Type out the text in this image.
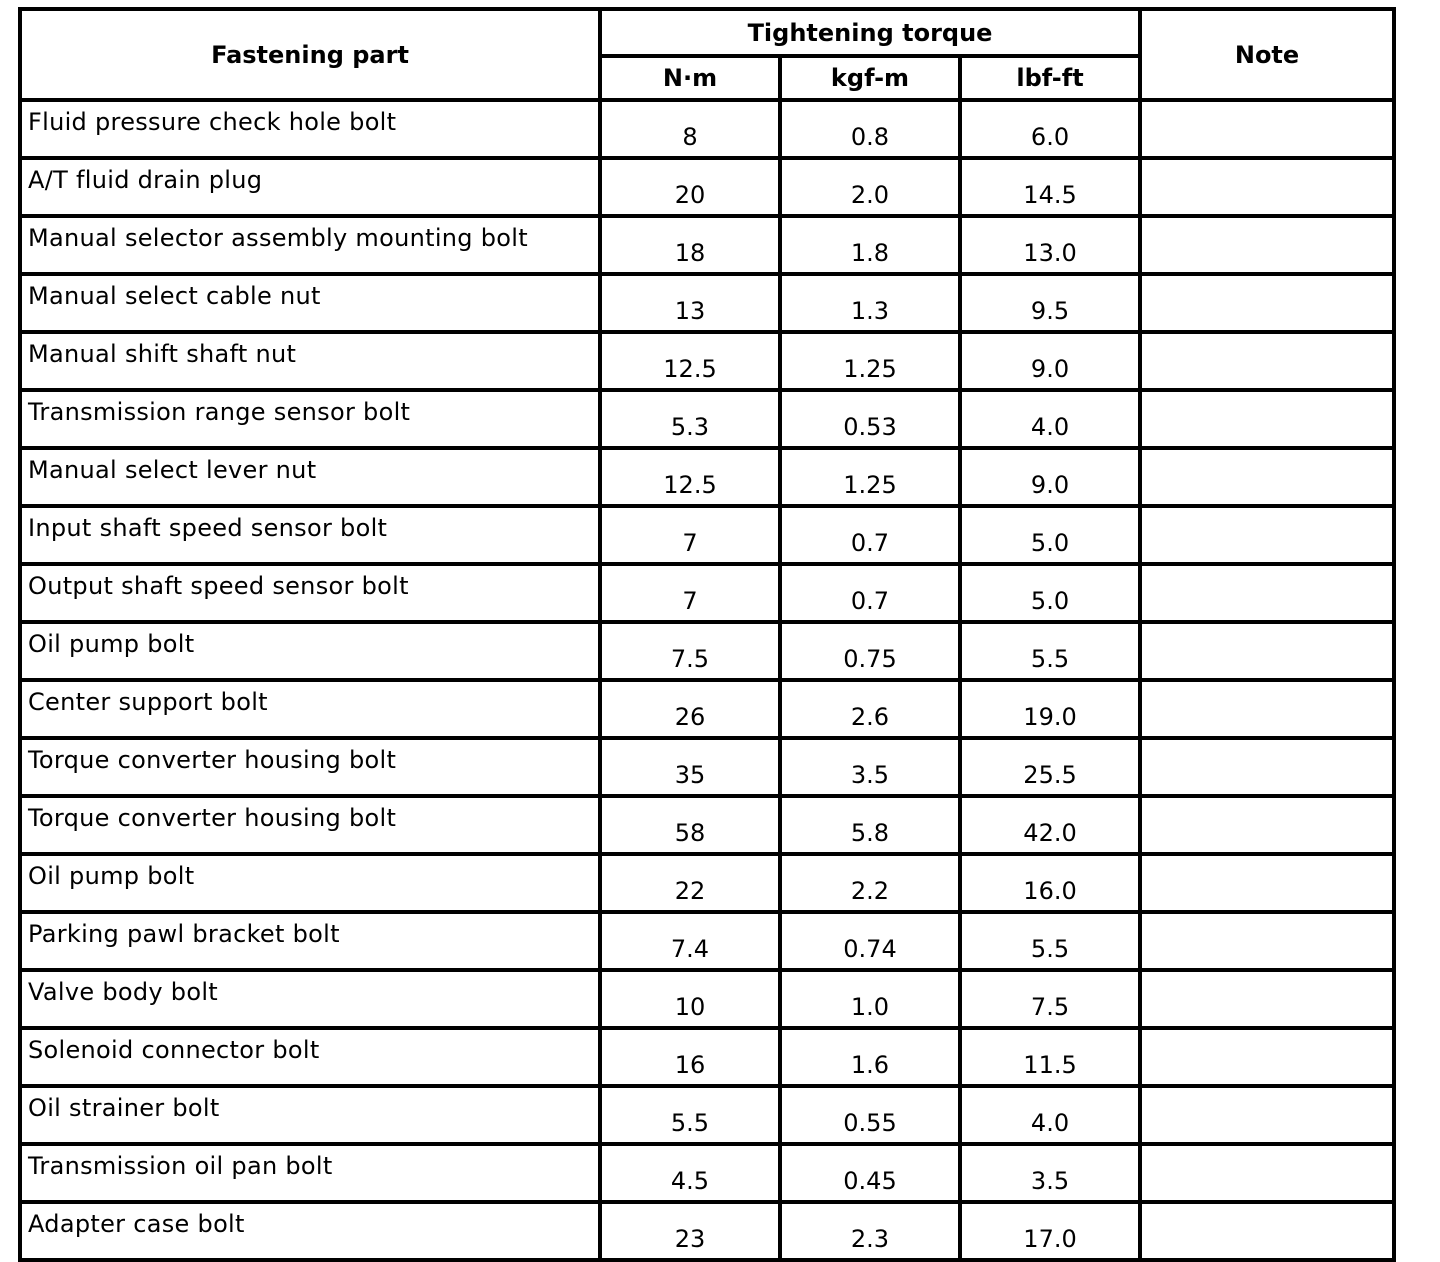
Fastening part	Tightening torque			Note
	N·m	kgf-m	lbf-ft	
Fluid pressure check hole bolt	8	0.8	6.0	
A/T fluid drain plug	20	2.0	14.5	
Manual selector assembly mounting bolt	18	1.8	13.0	
Manual select cable nut	13	1.3	9.5	
Manual shift shaft nut	12.5	1.25	9.0	
Transmission range sensor bolt	5.3	0.53	4.0	
Manual select lever nut	12.5	1.25	9.0	
Input shaft speed sensor bolt	7	0.7	5.0	
Output shaft speed sensor bolt	7	0.7	5.0	
Oil pump bolt	7.5	0.75	5.5	
Center support bolt	26	2.6	19.0	
Torque converter housing bolt	35	3.5	25.5	
Torque converter housing bolt	58	5.8	42.0	
Oil pump bolt	22	2.2	16.0	
Parking pawl bracket bolt	7.4	0.74	5.5	
Valve body bolt	10	1.0	7.5	
Solenoid connector bolt	16	1.6	11.5	
Oil strainer bolt	5.5	0.55	4.0	
Transmission oil pan bolt	4.5	0.45	3.5	
Adapter case bolt	23	2.3	17.0	
